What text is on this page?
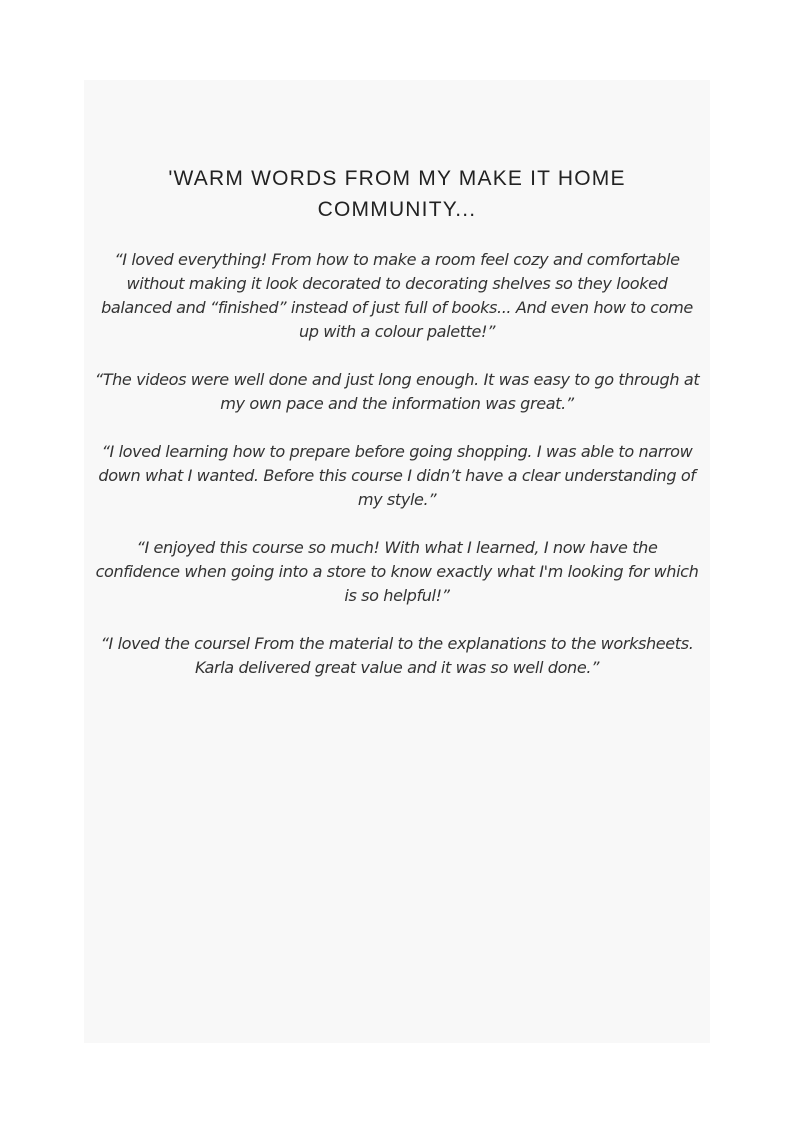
'WARM WORDS FROM MY MAKE IT HOME COMMUNITY...
“I loved everything! From how to make a room feel cozy and comfortable without making it look decorated to decorating shelves so they looked balanced and “finished” instead of just full of books... And even how to come up with a colour palette!”
“The videos were well done and just long enough. It was easy to go through at my own pace and the information was great.”
“I loved learning how to prepare before going shopping. I was able to narrow down what I wanted. Before this course I didn’t have a clear understanding of my style.”
“I enjoyed this course so much! With what I learned, I now have the confidence when going into a store to know exactly what I'm looking for which is so helpful!”
“I loved the coursel From the material to the explanations to the worksheets. Karla delivered great value and it was so well done.”
